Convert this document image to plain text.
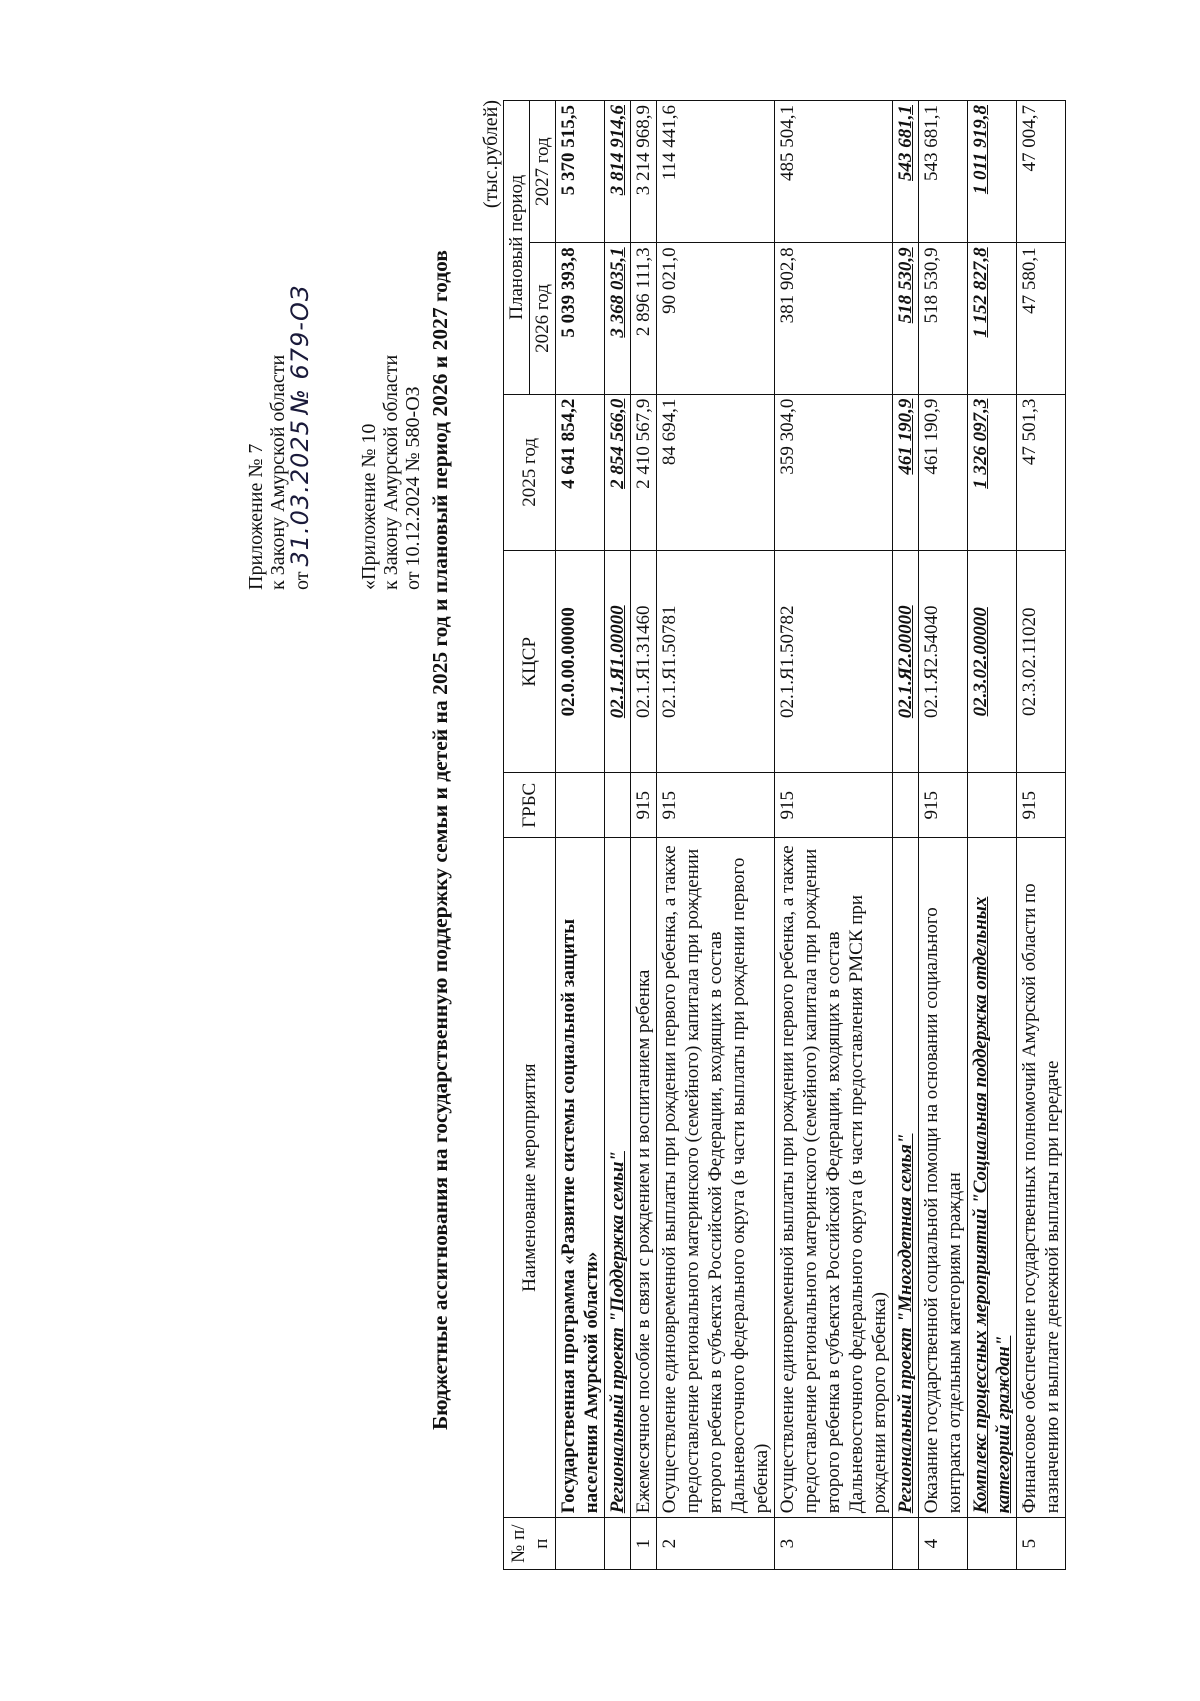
Приложение № 7 к Закону Амурской области от 31.03.2025 № 679-ОЗ
«Приложение № 10 к Закону Амурской области от 10.12.2024 № 580-ОЗ Бюджетные ассигнования на государственную поддержку семьи и детей на 2025 год и плановый период 2026 и 2027 годов
(тыс.рублей)
№ п/п	Наименование мероприятия	ГРБС	КЦСР	2025 год	Плановый период	
					2026 год	2027 год
	Государственная программа «Развитие системы социальной защиты населения Амурской области»		02.0.00.00000	4 641 854,2	5 039 393,8	5 370 515,5
	Региональный проект "Поддержка семьи"		02.1.Я1.00000	2 854 566,0	3 368 035,1	3 814 914,6
1	Ежемесячное пособие в связи с рождением и воспитанием ребенка	915	02.1.Я1.31460	2 410 567,9	2 896 111,3	3 214 968,9
2	Осуществление единовременной выплаты при рождении первого ребенка, а также предоставление регионального материнского (семейного) капитала при рождении второго ребенка в субъектах Российской Федерации, входящих в состав Дальневосточного федерального округа (в части выплаты при рождении первого ребенка)	915	02.1.Я1.50781	84 694,1	90 021,0	114 441,6
3	Осуществление единовременной выплаты при рождении первого ребенка, а также предоставление регионального материнского (семейного) капитала при рождении второго ребенка в субъектах Российской Федерации, входящих в состав Дальневосточного федерального округа (в части предоставления РМСК при рождении второго ребенка)	915	02.1.Я1.50782	359 304,0	381 902,8	485 504,1
	Региональный проект "Многодетная семья"		02.1.Я2.00000	461 190,9	518 530,9	543 681,1
4	Оказание государственной социальной помощи на основании социального контракта отдельным категориям граждан	915	02.1.Я2.54040	461 190,9	518 530,9	543 681,1
	Комплекс процессных мероприятий "Социальная поддержка отдельных категорий граждан"		02.3.02.00000	1 326 097,3	1 152 827,8	1 011 919,8
5	Финансовое обеспечение государственных полномочий Амурской области по назначению и выплате денежной выплаты при передаче	915	02.3.02.11020	47 501,3	47 580,1	47 004,7
